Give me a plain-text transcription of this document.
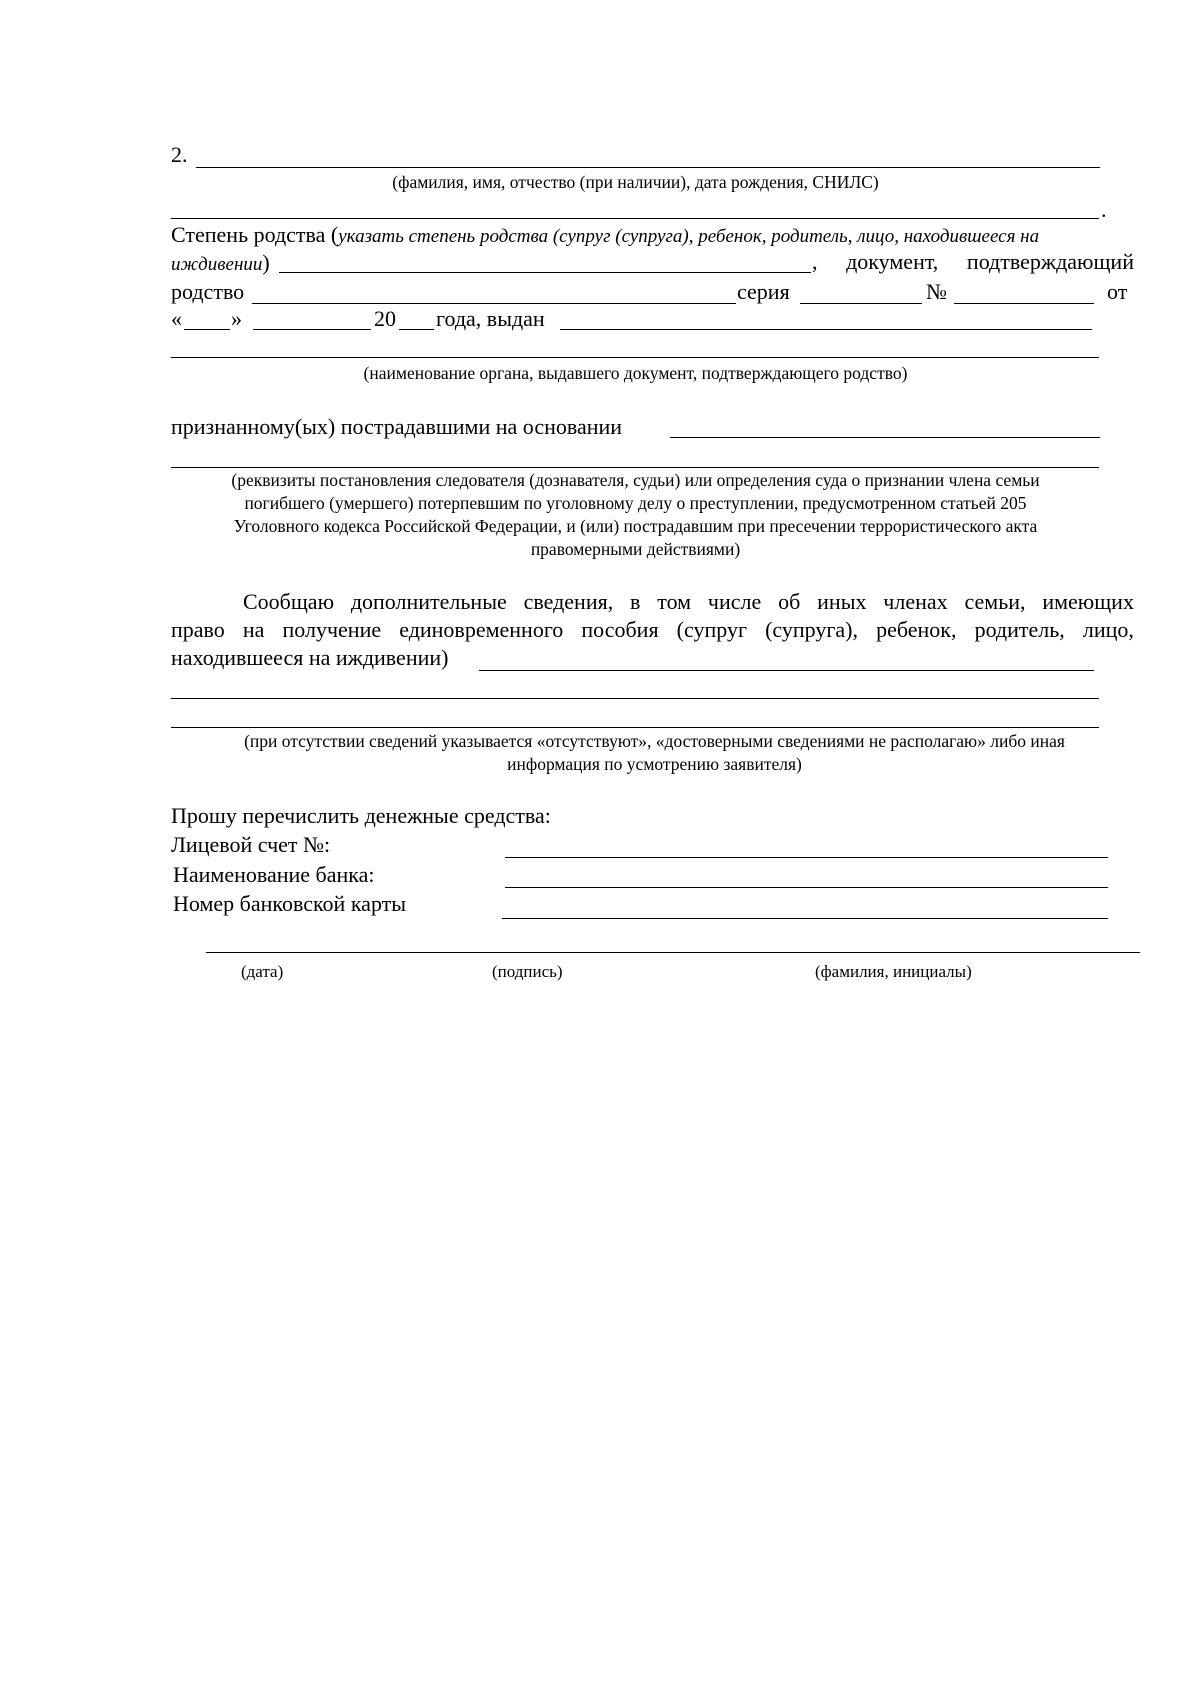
2.
(фамилия, имя, отчество (при наличии), дата рождения, СНИЛС)
.
Степень родства (указать степень родства (супруг (супруга), ребенок, родитель, лицо, находившееся на
иждивении)	, документ, подтверждающий
родство	серия	№	от
« »	20 года, выдан
(наименование органа, выдавшего документ, подтверждающего родство)
признанному(ых) пострадавшими на основании
(реквизиты постановления следователя (дознавателя, судьи) или определения суда о признании члена семьи
погибшего (умершего) потерпевшим по уголовному делу о преступлении, предусмотренном статьей 205
Уголовного кодекса Российской Федерации, и (или) пострадавшим при пресечении террористического акта
правомерными действиями)
Сообщаю дополнительные сведения, в том числе об иных членах семьи, имеющих
право на получение единовременного пособия (супруг (супруга), ребенок, родитель, лицо,
находившееся на иждивении)
(при отсутствии сведений указывается «отсутствуют», «достоверными сведениями не располагаю» либо иная
информация по усмотрению заявителя)
Прошу перечислить денежные средства:
Лицевой счет №:
Наименование банка:
Номер банковской карты
(дата)	(подпись)	(фамилия, инициалы)
